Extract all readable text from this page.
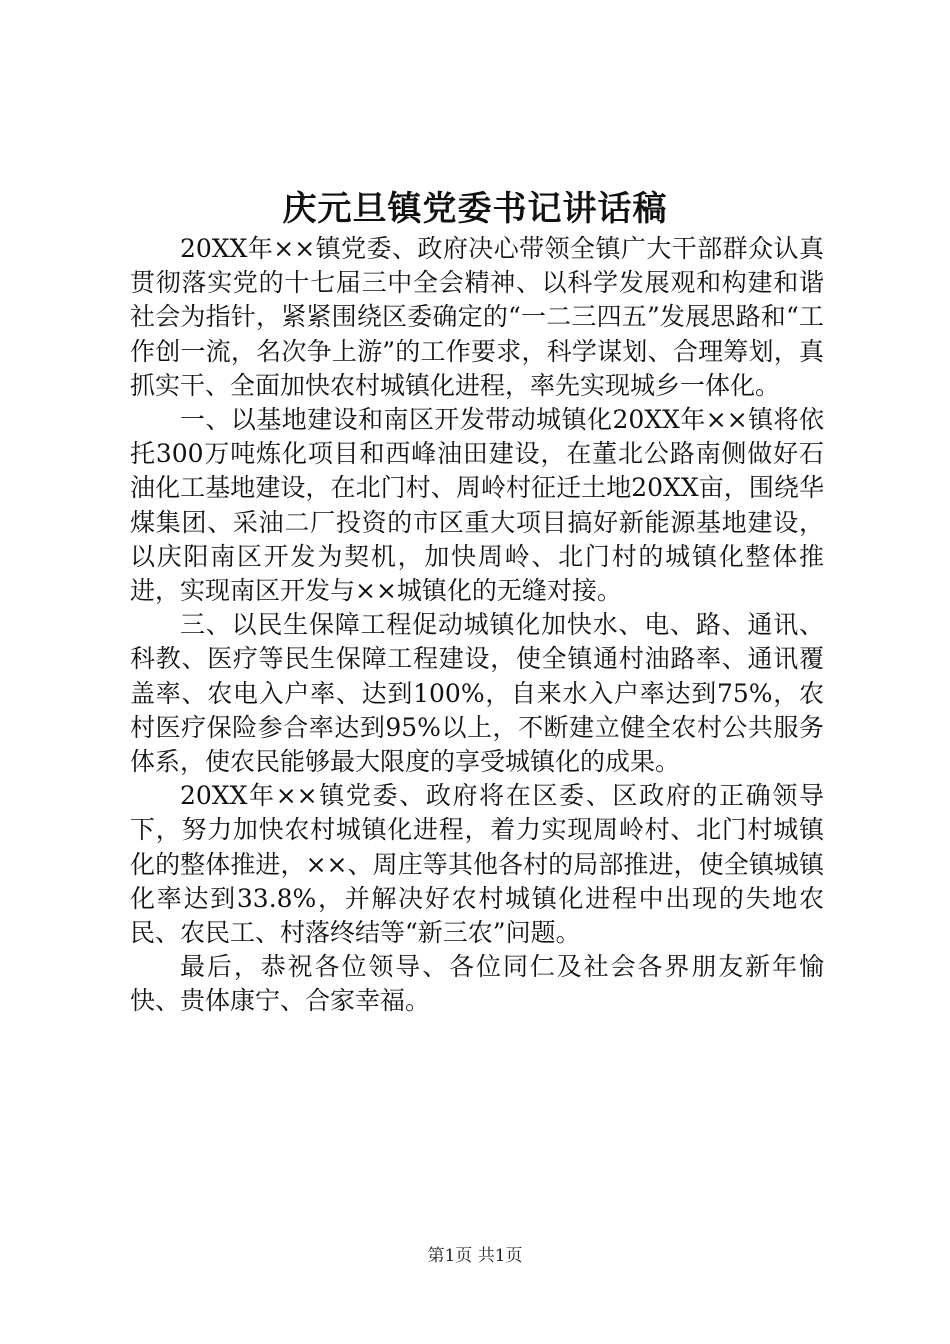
庆元旦镇党委书记讲话稿

20XX年××镇党委、政府决心带领全镇广大干部群众认真贯彻落实党的十七届三中全会精神、以科学发展观和构建和谐社会为指针，紧紧围绕区委确定的“一二三四五”发展思路和“工作创一流，名次争上游”的工作要求，科学谋划、合理筹划，真抓实干、全面加快农村城镇化进程，率先实现城乡一体化。

一、以基地建设和南区开发带动城镇化20XX年××镇将依托300万吨炼化项目和西峰油田建设，在董北公路南侧做好石油化工基地建设，在北门村、周岭村征迁土地20XX亩，围绕华煤集团、采油二厂投资的市区重大项目搞好新能源基地建设，以庆阳南区开发为契机，加快周岭、北门村的城镇化整体推进，实现南区开发与××城镇化的无缝对接。

三、以民生保障工程促动城镇化加快水、电、路、通讯、科教、医疗等民生保障工程建设，使全镇通村油路率、通讯覆盖率、农电入户率、达到100%，自来水入户率达到75%，农村医疗保险参合率达到95%以上，不断建立健全农村公共服务体系，使农民能够最大限度的享受城镇化的成果。

20XX年××镇党委、政府将在区委、区政府的正确领导下，努力加快农村城镇化进程，着力实现周岭村、北门村城镇化的整体推进，××、周庄等其他各村的局部推进，使全镇城镇化率达到33.8%，并解决好农村城镇化进程中出现的失地农民、农民工、村落终结等“新三农”问题。

最后，恭祝各位领导、各位同仁及社会各界朋友新年愉快、贵体康宁、合家幸福。

第1页 共1页
